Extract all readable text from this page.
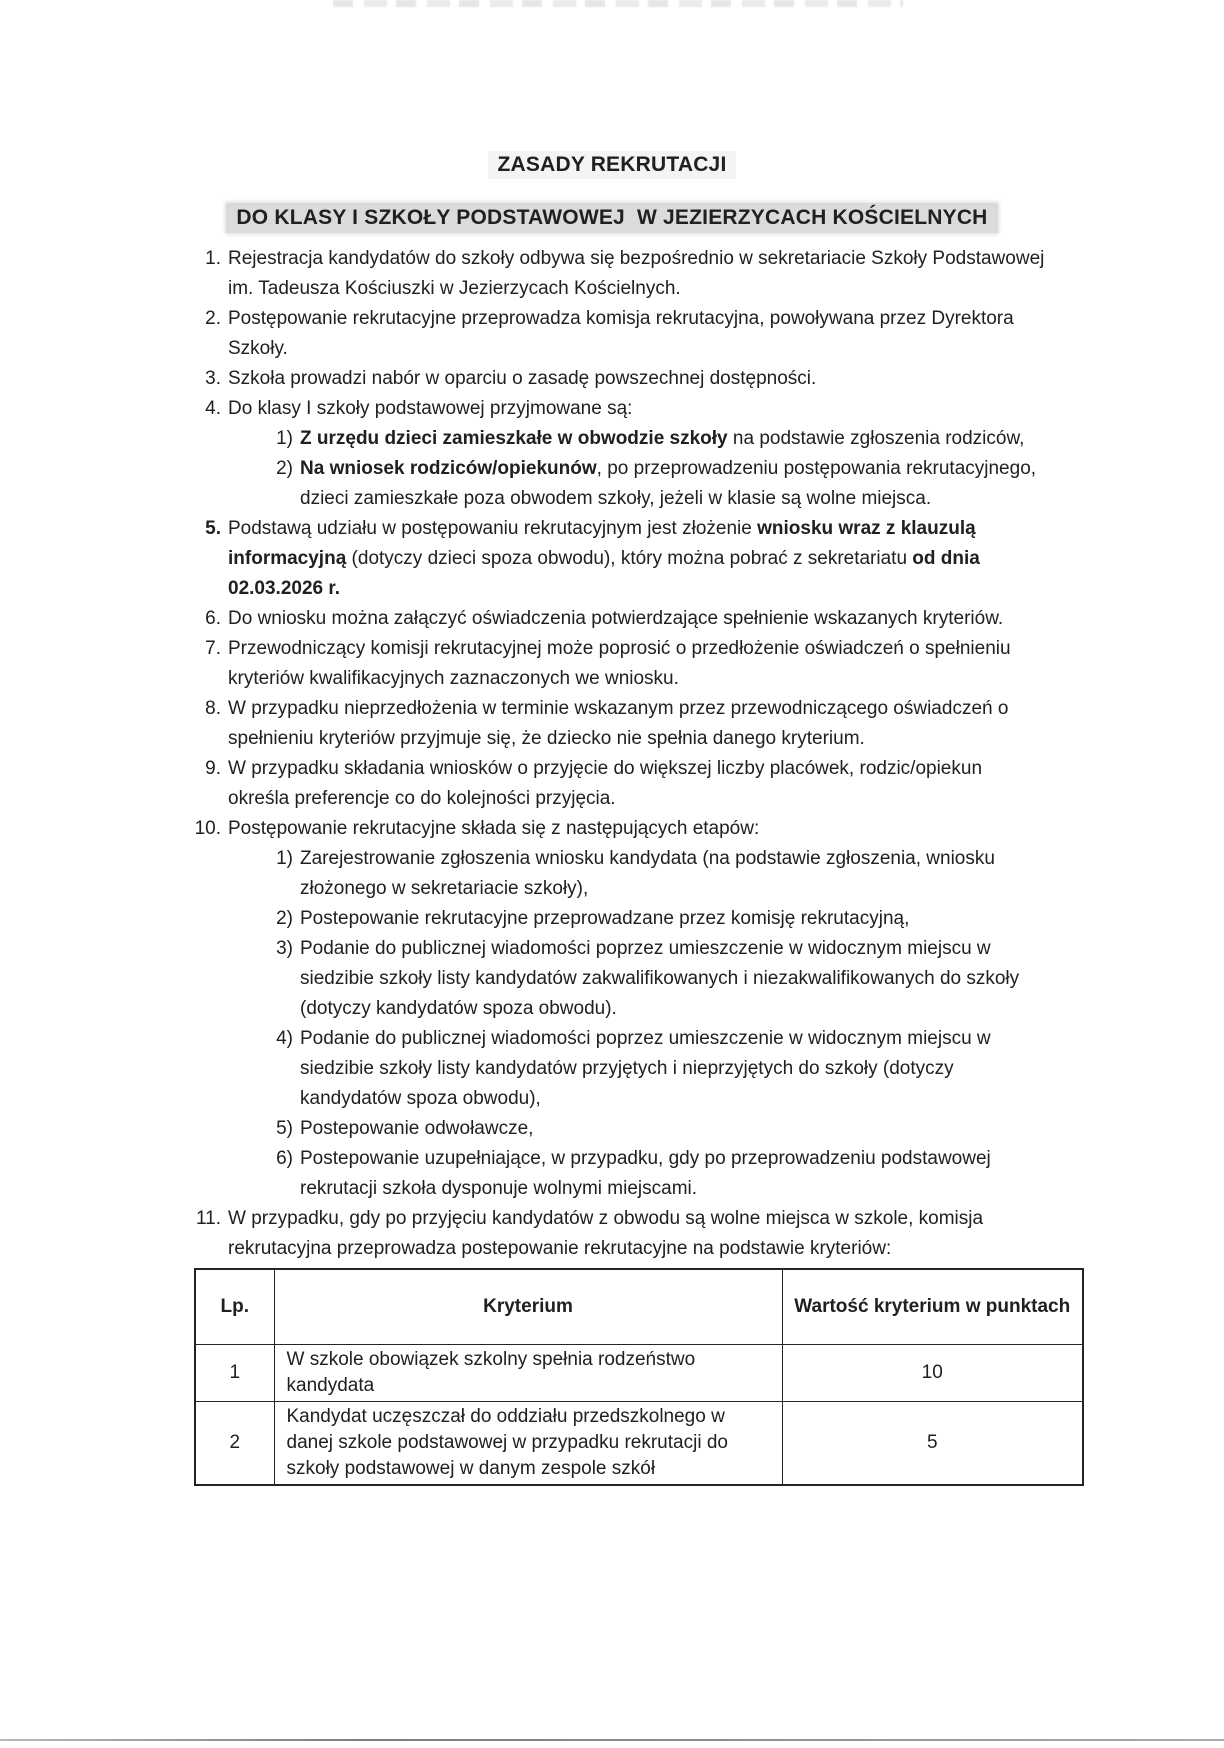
ZASADY REKRUTACJI
DO KLASY I SZKOŁY PODSTAWOWEJ  W JEZIERZYCACH KOŚCIELNYCH
1. Rejestracja kandydatów do szkoły odbywa się bezpośrednio w sekretariacie Szkoły Podstawowej im. Tadeusza Kościuszki w Jezierzycach Kościelnych.
2. Postępowanie rekrutacyjne przeprowadza komisja rekrutacyjna, powoływana przez Dyrektora Szkoły.
3. Szkoła prowadzi nabór w oparciu o zasadę powszechnej dostępności.
4. Do klasy I szkoły podstawowej przyjmowane są:
1) Z urzędu dzieci zamieszkałe w obwodzie szkoły na podstawie zgłoszenia rodziców,
2) Na wniosek rodziców/opiekunów, po przeprowadzeniu postępowania rekrutacyjnego, dzieci zamieszkałe poza obwodem szkoły, jeżeli w klasie są wolne miejsca.
5. Podstawą udziału w postępowaniu rekrutacyjnym jest złożenie wniosku wraz z klauzulą informacyjną (dotyczy dzieci spoza obwodu), który można pobrać z sekretariatu od dnia 02.03.2026 r.
6. Do wniosku można załączyć oświadczenia potwierdzające spełnienie wskazanych kryteriów.
7. Przewodniczący komisji rekrutacyjnej może poprosić o przedłożenie oświadczeń o spełnieniu kryteriów kwalifikacyjnych zaznaczonych we wniosku.
8. W przypadku nieprzedłożenia w terminie wskazanym przez przewodniczącego oświadczeń o spełnieniu kryteriów przyjmuje się, że dziecko nie spełnia danego kryterium.
9. W przypadku składania wniosków o przyjęcie do większej liczby placówek, rodzic/opiekun określa preferencje co do kolejności przyjęcia.
10. Postępowanie rekrutacyjne składa się z następujących etapów:
1) Zarejestrowanie zgłoszenia wniosku kandydata (na podstawie zgłoszenia, wniosku złożonego w sekretariacie szkoły),
2) Postepowanie rekrutacyjne przeprowadzane przez komisję rekrutacyjną,
3) Podanie do publicznej wiadomości poprzez umieszczenie w widocznym miejscu w siedzibie szkoły listy kandydatów zakwalifikowanych i niezakwalifikowanych do szkoły (dotyczy kandydatów spoza obwodu).
4) Podanie do publicznej wiadomości poprzez umieszczenie w widocznym miejscu w siedzibie szkoły listy kandydatów przyjętych i nieprzyjętych do szkoły (dotyczy kandydatów spoza obwodu),
5) Postepowanie odwoławcze,
6) Postepowanie uzupełniające, w przypadku, gdy po przeprowadzeniu podstawowej rekrutacji szkoła dysponuje wolnymi miejscami.
11. W przypadku, gdy po przyjęciu kandydatów z obwodu są wolne miejsca w szkole, komisja rekrutacyjna przeprowadza postepowanie rekrutacyjne na podstawie kryteriów:
Lp.	Kryterium	Wartość kryterium w punktach
1	W szkole obowiązek szkolny spełnia rodzeństwo kandydata	10
2	Kandydat uczęszczał do oddziału przedszkolnego w danej szkole podstawowej w przypadku rekrutacji do szkoły podstawowej w danym zespole szkół	5
